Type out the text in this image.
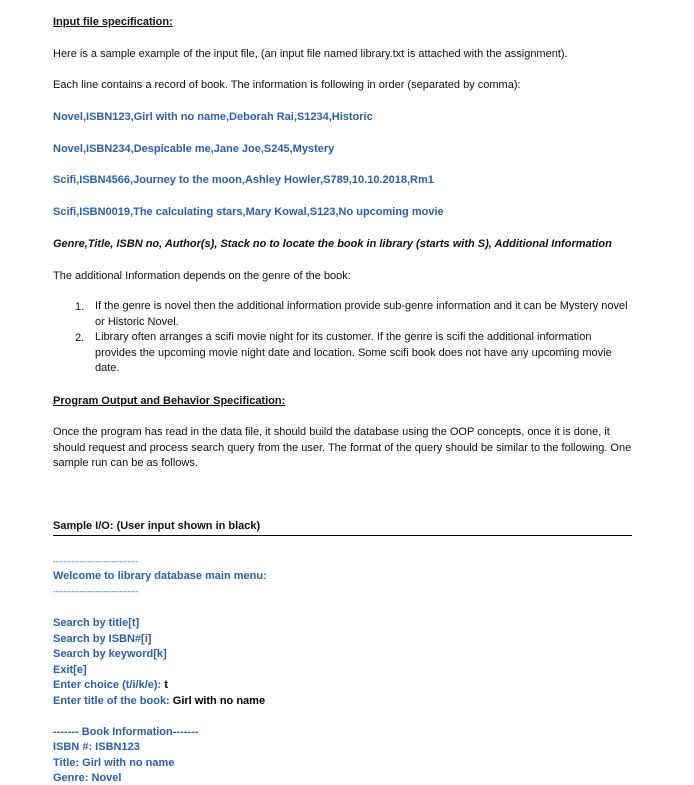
Input file specification:
Here is a sample example of the input file, (an input file named library.txt is attached with the assignment).
Each line contains a record of book. The information is following in order (separated by comma):
Novel,ISBN123,Girl with no name,Deborah Rai,S1234,Historic
Novel,ISBN234,Despicable me,Jane Joe,S245,Mystery
Scifi,ISBN4566,Journey to the moon,Ashley Howler,S789,10.10.2018,Rm1
Scifi,ISBN0019,The calculating stars,Mary Kowal,S123,No upcoming movie
Genre,Title, ISBN no, Author(s), Stack no to locate the book in library (starts with S), Additional Information
The additional Information depends on the genre of the book:
1. If the genre is novel then the additional information provide sub-genre information and it can be Mystery novel or Historic Novel.
2. Library often arranges a scifi movie night for its customer. If the genre is scifi the additional information provides the upcoming movie night date and location. Some scifi book does not have any upcoming movie date.
Program Output and Behavior Specification:
Once the program has read in the data file, it should build the database using the OOP concepts, once it is done, it should request and process search query from the user. The format of the query should be similar to the following. One sample run can be as follows.
Sample I/O: (User input shown in black)
--------------------------------
Welcome to library database main menu:
--------------------------------
Search by title[t]
Search by ISBN#[i]
Search by keyword[k]
Exit[e]
Enter choice (t/i/k/e): t
Enter title of the book: Girl with no name
------- Book Information-------
ISBN #: ISBN123
Title: Girl with no name
Genre: Novel
